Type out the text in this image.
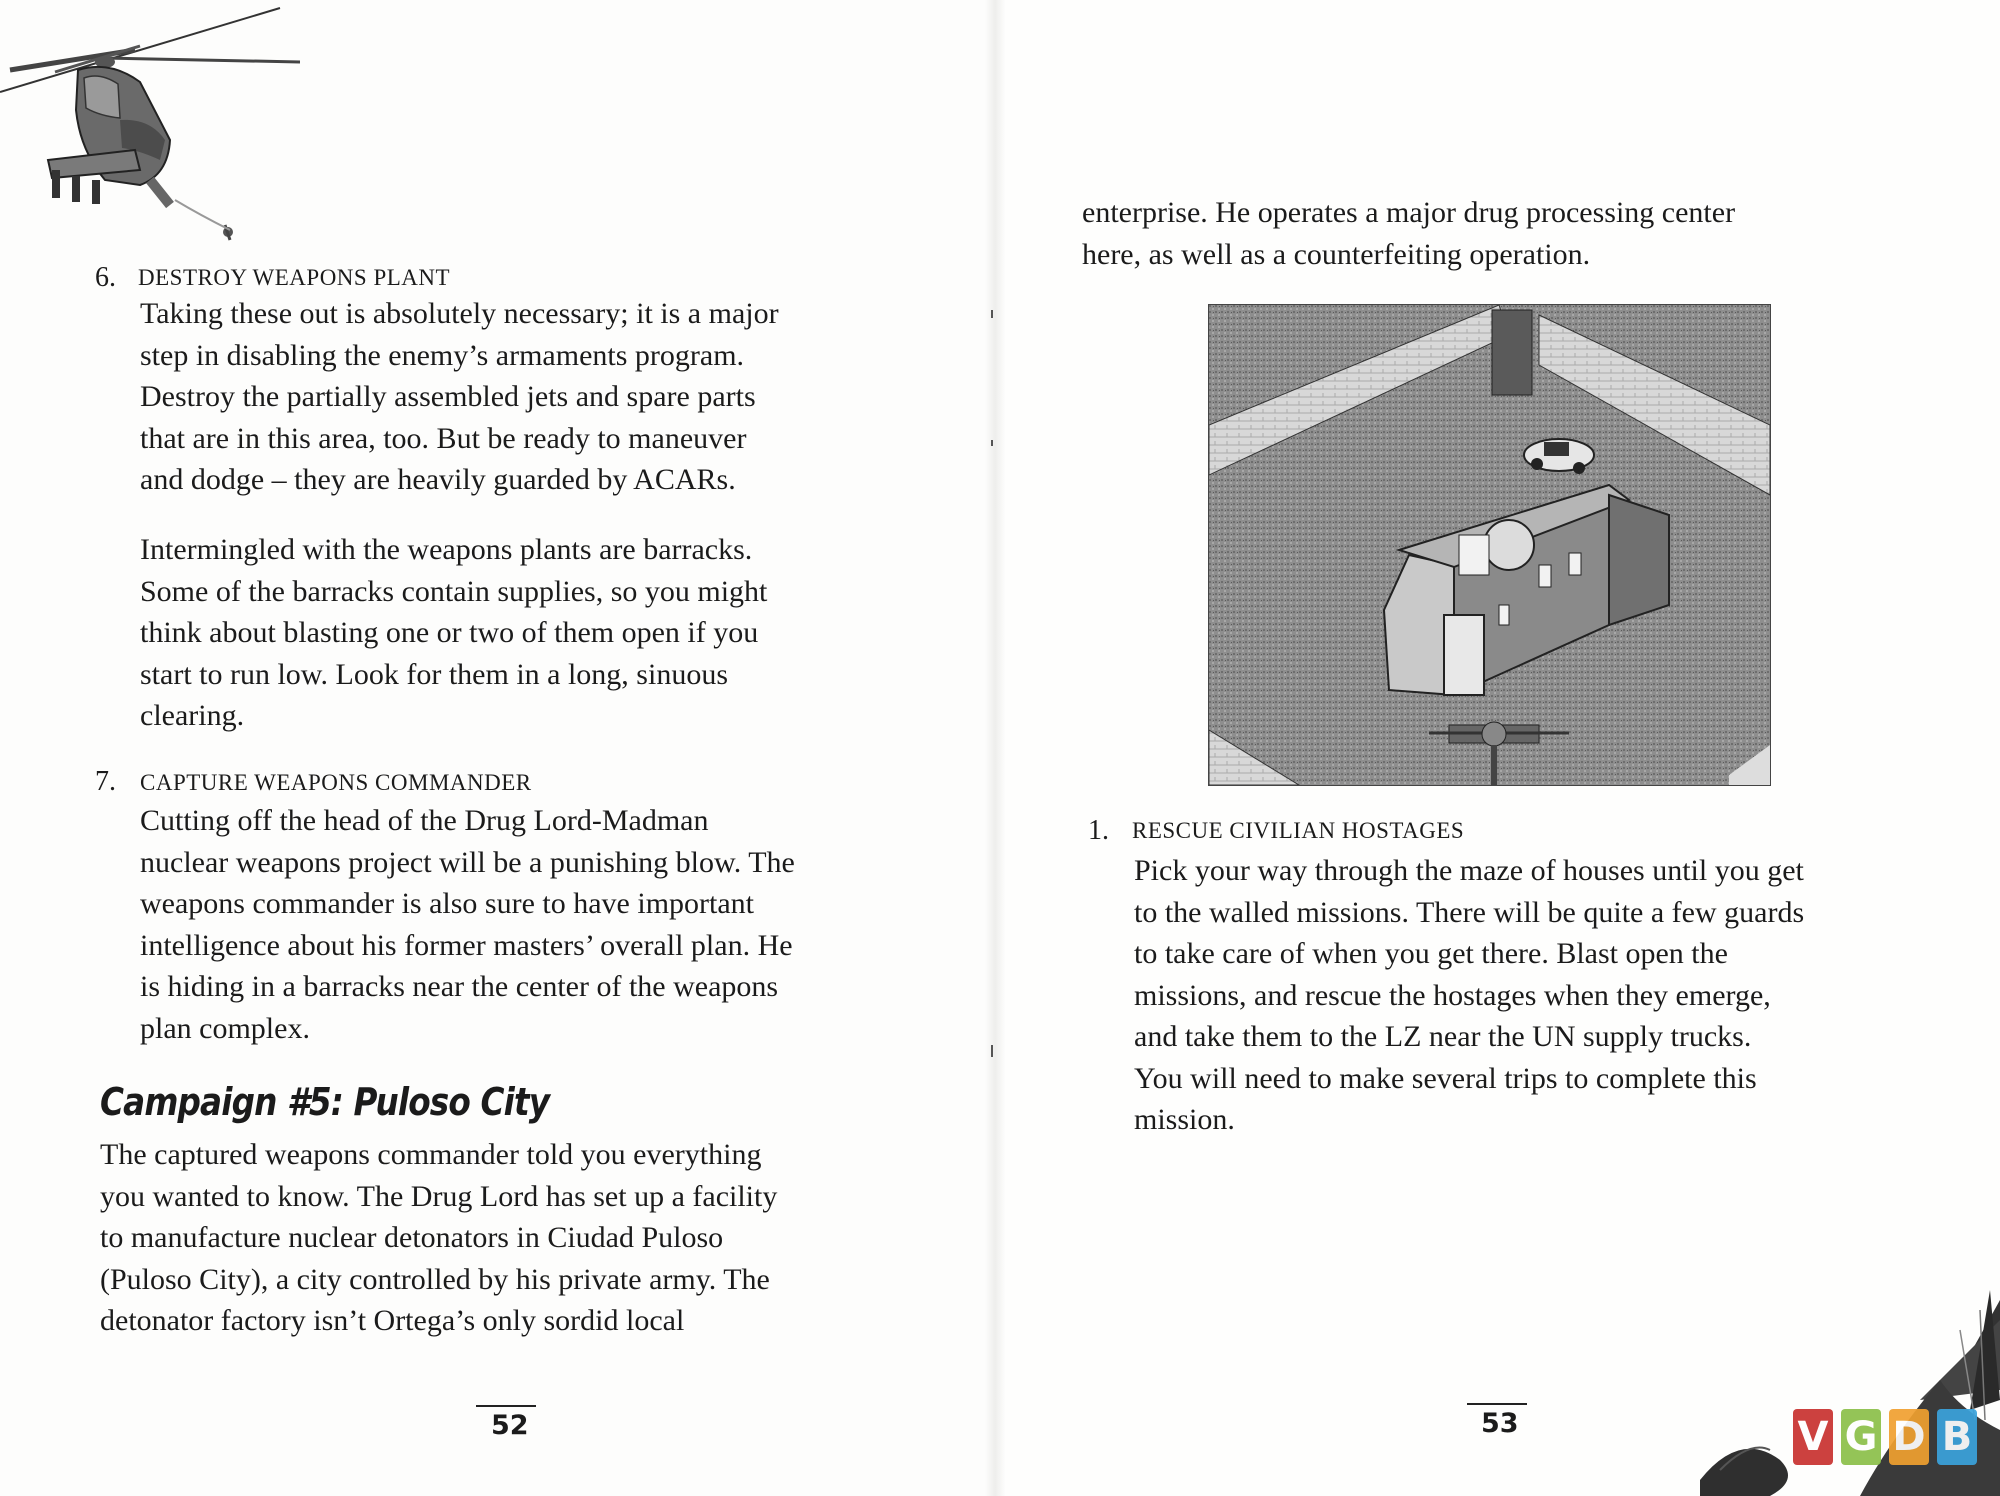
6. DESTROY WEAPONS PLANT
Taking these out is absolutely necessary; it is a major
step in disabling the enemy’s armaments program.
Destroy the partially assembled jets and spare parts
that are in this area, too. But be ready to maneuver
and dodge – they are heavily guarded by ACARs.
Intermingled with the weapons plants are barracks.
Some of the barracks contain supplies, so you might
think about blasting one or two of them open if you
start to run low. Look for them in a long, sinuous
clearing.
7. CAPTURE WEAPONS COMMANDER
Cutting off the head of the Drug Lord-Madman
nuclear weapons project will be a punishing blow. The
weapons commander is also sure to have important
intelligence about his former masters’ overall plan. He
is hiding in a barracks near the center of the weapons
plan complex.
Campaign #5: Puloso City
The captured weapons commander told you everything
you wanted to know. The Drug Lord has set up a facility
to manufacture nuclear detonators in Ciudad Puloso
(Puloso City), a city controlled by his private army. The
detonator factory isn’t Ortega’s only sordid local
52
enterprise. He operates a major drug processing center
here, as well as a counterfeiting operation.
1. RESCUE CIVILIAN HOSTAGES
Pick your way through the maze of houses until you get
to the walled missions. There will be quite a few guards
to take care of when you get there. Blast open the
missions, and rescue the hostages when they emerge,
and take them to the LZ near the UN supply trucks.
You will need to make several trips to complete this
mission.
53	V G D B
